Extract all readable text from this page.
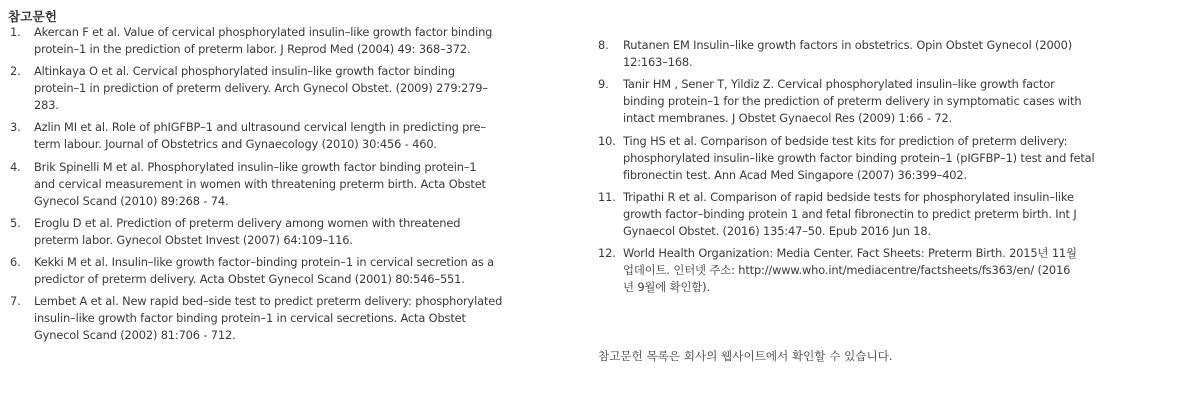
참고문헌
1. Akercan F et al. Value of cervical phosphorylated insulin–like growth factor binding
protein–1 in the prediction of preterm labor. J Reprod Med (2004) 49: 368–372.
2. Altinkaya O et al. Cervical phosphorylated insulin–like growth factor binding
protein–1 in prediction of preterm delivery. Arch Gynecol Obstet. (2009) 279:279–
283.
3. Azlin MI et al. Role of phIGFBP–1 and ultrasound cervical length in predicting pre–
term labour. Journal of Obstetrics and Gynaecology (2010) 30:456 - 460.
4. Brik Spinelli M et al. Phosphorylated insulin–like growth factor binding protein–1
and cervical measurement in women with threatening preterm birth. Acta Obstet
Gynecol Scand (2010) 89:268 - 74.
5. Eroglu D et al. Prediction of preterm delivery among women with threatened
preterm labor. Gynecol Obstet Invest (2007) 64:109–116.
6. Kekki M et al. Insulin–like growth factor–binding protein–1 in cervical secretion as a
predictor of preterm delivery. Acta Obstet Gynecol Scand (2001) 80:546–551.
7. Lembet A et al. New rapid bed–side test to predict preterm delivery: phosphorylated
insulin–like growth factor binding protein–1 in cervical secretions. Acta Obstet
Gynecol Scand (2002) 81:706 - 712.
8. Rutanen EM Insulin–like growth factors in obstetrics. Opin Obstet Gynecol (2000)
12:163–168.
9. Tanir HM , Sener T, Yildiz Z. Cervical phosphorylated insulin–like growth factor
binding protein–1 for the prediction of preterm delivery in symptomatic cases with
intact membranes. J Obstet Gynaecol Res (2009) 1:66 - 72.
10. Ting HS et al. Comparison of bedside test kits for prediction of preterm delivery:
phosphorylated insulin–like growth factor binding protein–1 (pIGFBP–1) test and fetal
fibronectin test. Ann Acad Med Singapore (2007) 36:399–402.
11. Tripathi R et al. Comparison of rapid bedside tests for phosphorylated insulin–like
growth factor–binding protein 1 and fetal fibronectin to predict preterm birth. Int J
Gynaecol Obstet. (2016) 135:47–50. Epub 2016 Jun 18.
12. World Health Organization: Media Center. Fact Sheets: Preterm Birth. 2015년 11월
업데이트. 인터넷 주소: http://www.who.int/mediacentre/factsheets/fs363/en/ (2016
년 9월에 확인함).
참고문헌 목록은 회사의 웹사이트에서 확인할 수 있습니다.
